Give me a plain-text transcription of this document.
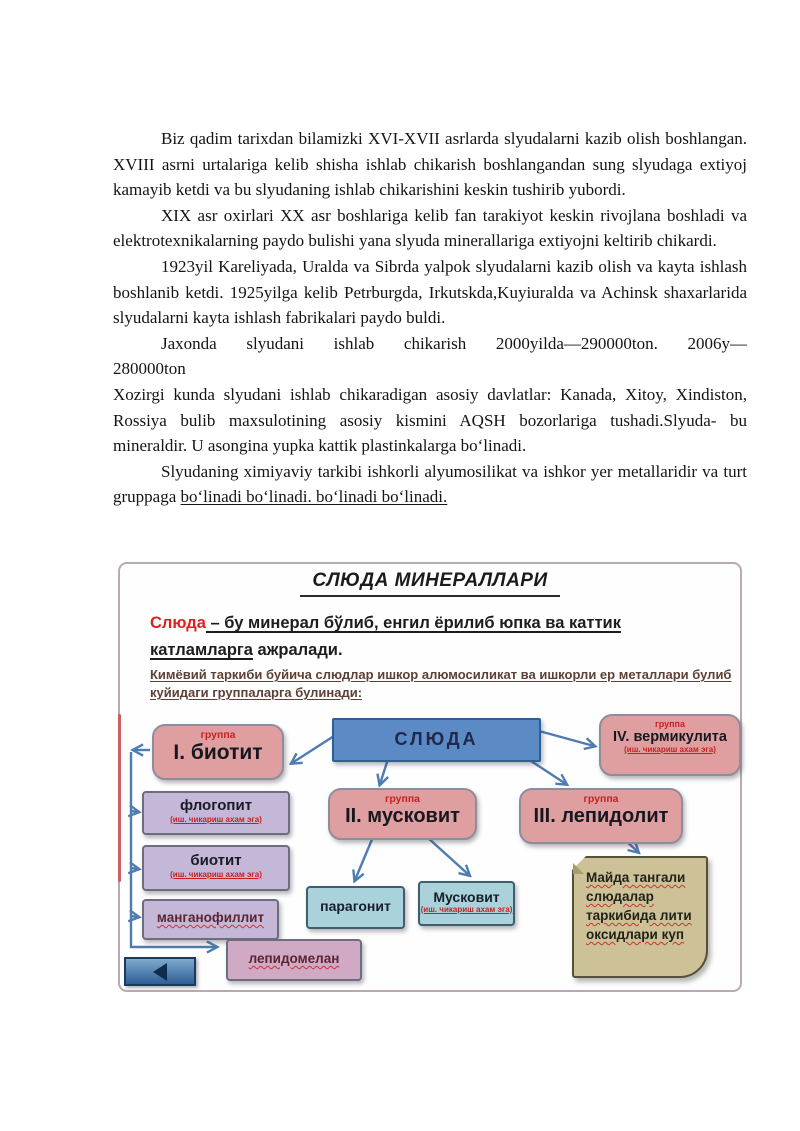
Biz qadim tarixdan bilamizki XVI-XVII asrlarda slyudalarni kazib olish boshlangan. XVIII asrni urtalariga kelib shisha ishlab chikarish boshlangandan sung slyudaga extiyoj kamayib ketdi va bu slyudaning ishlab chikarishini keskin tushirib yubordi.

XIX asr oxirlari XX asr boshlariga kelib fan tarakiyot keskin rivojlana boshladi va elektrotexnikalarning paydo bulishi yana slyuda minerallariga extiyojni keltirib chikardi.

1923yil Kareliyada, Uralda va Sibrda yalpok slyudalarni kazib olish va kayta ishlash boshlanib ketdi. 1925yilga kelib Petrburgda, Irkutskda,Kuyiuralda va Achinsk shaxarlarida slyudalarni kayta ishlash fabrikalari paydo buldi.

Jaxonda slyudani ishlab chikarish 2000yilda—290000ton. 2006y—
280000ton

Xozirgi kunda slyudani ishlab chikaradigan asosiy davlatlar: Kanada, Xitoy, Xindiston, Rossiya bulib maxsulotining asosiy kismini AQSH bozorlariga tushadi.Slyuda- bu mineraldir. U asongina yupka kattik plastinkalarga bo‘linadi.

Slyudaning ximiyaviy tarkibi ishkorli alyumosilikat va ishkor yer metallaridir va turt gruppaga bo‘linadi bo‘linadi. bo‘linadi bo‘linadi.

СЛЮДА МИНЕРАЛЛАРИ
Слюда – бу минерал бўлиб, енгил ёрилиб юпка ва каттик катламларга ажралади.
Кимёвий таркиби буйича слюдлар ишкор алюмосиликат ва ишкорли ер металлари булиб куйидаги группаларга булинади:
СЛЮДА
группа
I. биотит
группа
IV. вермикулита
(иш. чикариш ахам эга)
группа
II. мусковит
группа
III. лепидолит
флогопит
(иш. чикариш ахам эга)
биотит
(иш. чикариш ахам эга)
манганофиллит
лепидомелан
парагонит
Мусковит
(иш. чикариш ахам эга)
Майда тангали
слюдалар
таркибида лити
оксидлари куп
